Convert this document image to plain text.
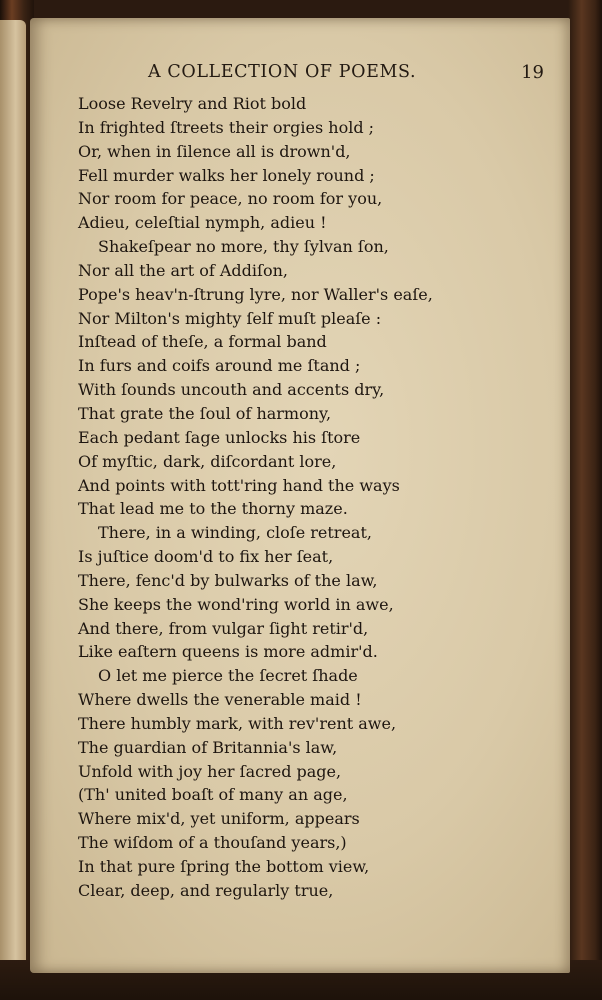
A COLLECTION OF POEMS.	19
Loose Revelry and Riot bold
In frighted ſtreets their orgies hold ;
Or, when in ſilence all is drown'd,
Fell murder walks her lonely round ;
Nor room for peace, no room for you,
Adieu, celeſtial nymph, adieu !
Shakeſpear no more, thy ſylvan ſon,
Nor all the art of Addiſon,
Pope's heav'n-ſtrung lyre, nor Waller's eaſe,
Nor Milton's mighty ſelf muſt pleaſe :
Inſtead of theſe, a formal band
In furs and coifs around me ſtand ;
With ſounds uncouth and accents dry,
That grate the ſoul of harmony,
Each pedant ſage unlocks his ſtore
Of myſtic, dark, diſcordant lore,
And points with tott'ring hand the ways
That lead me to the thorny maze.
There, in a winding, cloſe retreat,
Is juſtice doom'd to fix her ſeat,
There, fenc'd by bulwarks of the law,
She keeps the wond'ring world in awe,
And there, from vulgar ſight retir'd,
Like eaſtern queens is more admir'd.
O let me pierce the ſecret ſhade
Where dwells the venerable maid !
There humbly mark, with rev'rent awe,
The guardian of Britannia's law,
Unfold with joy her ſacred page,
(Th' united boaſt of many an age,
Where mix'd, yet uniform, appears
The wiſdom of a thouſand years,)
In that pure ſpring the bottom view,
Clear, deep, and regularly true,
